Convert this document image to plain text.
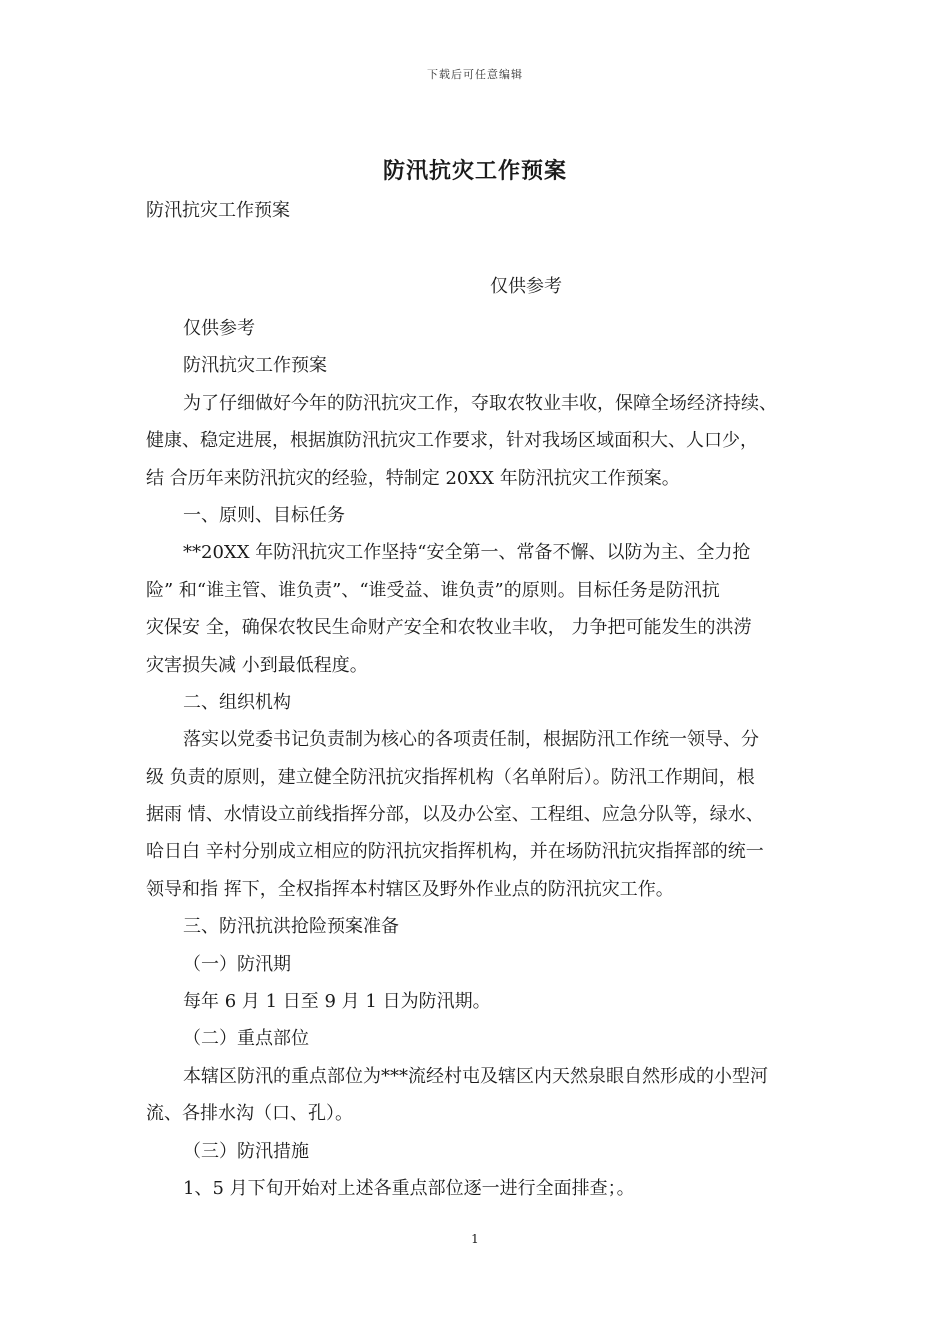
下载后可任意编辑
防汛抗灾工作预案
防汛抗灾工作预案
仅供参考
仅供参考
防汛抗灾工作预案
为了仔细做好今年的防汛抗灾工作，夺取农牧业丰收，保障全场经济持续、
健康、稳定进展，根据旗防汛抗灾工作要求，针对我场区域面积大、人口少，
结 合历年来防汛抗灾的经验，特制定 20XX 年防汛抗灾工作预案。
一、原则、目标任务
**20XX 年防汛抗灾工作坚持“安全第一、常备不懈、以防为主、全力抢
险” 和“谁主管、谁负责”、“谁受益、谁负责”的原则。目标任务是防汛抗
灾保安 全，确保农牧民生命财产安全和农牧业丰收， 力争把可能发生的洪涝
灾害损失减 小到最低程度。
二、组织机构
落实以党委书记负责制为核心的各项责任制，根据防汛工作统一领导、分
级 负责的原则，建立健全防汛抗灾指挥机构（名单附后）。防汛工作期间，根
据雨 情、水情设立前线指挥分部，以及办公室、工程组、应急分队等，绿水、
哈日白 辛村分别成立相应的防汛抗灾指挥机构，并在场防汛抗灾指挥部的统一
领导和指 挥下，全权指挥本村辖区及野外作业点的防汛抗灾工作。
三、防汛抗洪抢险预案准备
（一）防汛期
每年 6 月 1 日至 9 月 1 日为防汛期。
（二）重点部位
本辖区防汛的重点部位为***流经村屯及辖区内天然泉眼自然形成的小型河
流、各排水沟（口、孔）。
（三）防汛措施
1、5 月下旬开始对上述各重点部位逐一进行全面排查；。
1
